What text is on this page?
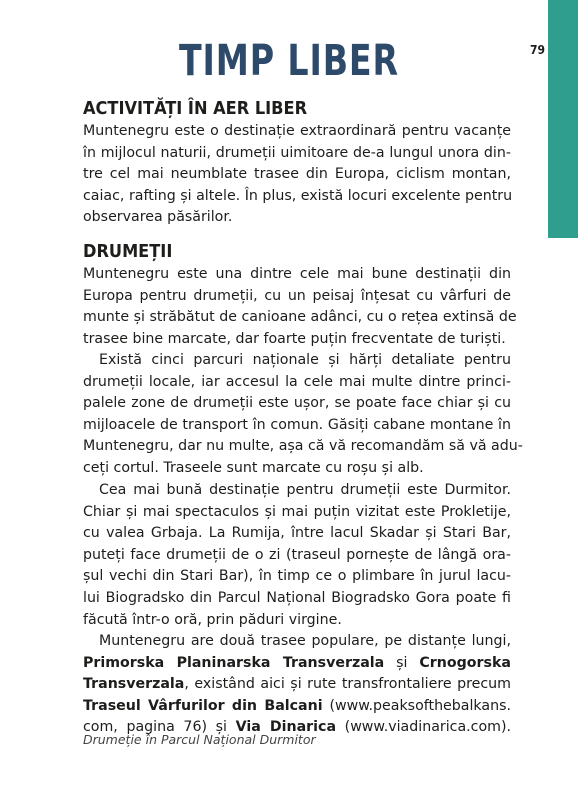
79
TIMP LIBER
ACTIVITĂȚI ÎN AER LIBER
Muntenegru este o destinație extraordinară pentru vacanțe
în mijlocul naturii, drumeții uimitoare de-a lungul unora din-
tre cel mai neumblate trasee din Europa, ciclism montan,
caiac, rafting și altele. În plus, există locuri excelente pentru
observarea păsărilor.
DRUMEȚII
Muntenegru este una dintre cele mai bune destinații din
Europa pentru drumeții, cu un peisaj înțesat cu vârfuri de
munte și străbătut de canioane adânci, cu o rețea extinsă de
trasee bine marcate, dar foarte puțin frecventate de turiști.
Există cinci parcuri naționale și hărți detaliate pentru
drumeții locale, iar accesul la cele mai multe dintre princi-
palele zone de drumeții este ușor, se poate face chiar și cu
mijloacele de transport în comun. Găsiți cabane montane în
Muntenegru, dar nu multe, așa că vă recomandăm să vă adu-
ceți cortul. Traseele sunt marcate cu roșu și alb.
Cea mai bună destinație pentru drumeții este Durmitor.
Chiar și mai spectaculos și mai puțin vizitat este Prokletije,
cu valea Grbaja. La Rumija, între lacul Skadar și Stari Bar,
puteți face drumeții de o zi (traseul pornește de lângă ora-
șul vechi din Stari Bar), în timp ce o plimbare în jurul lacu-
lui Biogradsko din Parcul Național Biogradsko Gora poate fi
făcută într-o oră, prin păduri virgine.
Muntenegru are două trasee populare, pe distanțe lungi,
Primorska Planinarska Transverzala și Crnogorska
Transverzala, existând aici și rute transfrontaliere precum
Traseul Vârfurilor din Balcani (www.peaksofthebalkans.
com, pagina 76) și Via Dinarica (www.viadinarica.com).
Drumeție în Parcul Național Durmitor
